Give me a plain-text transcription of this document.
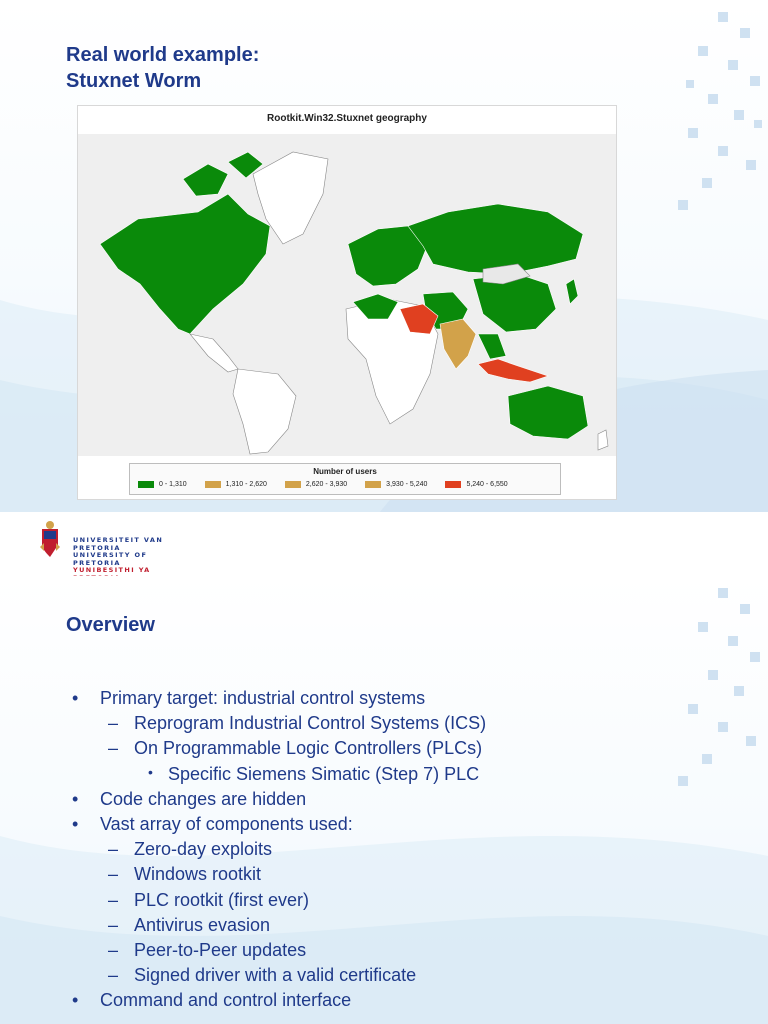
Real world example:
Stuxnet Worm
Rootkit.Win32.Stuxnet geography
Number of users
0 - 1,310	1,310 - 2,620	2,620 - 3,930	3,930 - 5,240	5,240 - 6,550
UNIVERSITEIT VAN PRETORIA
UNIVERSITY OF PRETORIA
YUNIBESITHI YA
Overview
• Primary target: industrial control systems
– Reprogram Industrial Control Systems (ICS)
– On Programmable Logic Controllers (PLCs)
• Specific Siemens Simatic (Step 7) PLC
• Code changes are hidden
• Vast array of components used:
– Zero-day exploits
– Windows rootkit
– PLC rootkit (first ever)
– Antivirus evasion
– Peer-to-Peer updates
– Signed driver with a valid certificate
• Command and control interface
